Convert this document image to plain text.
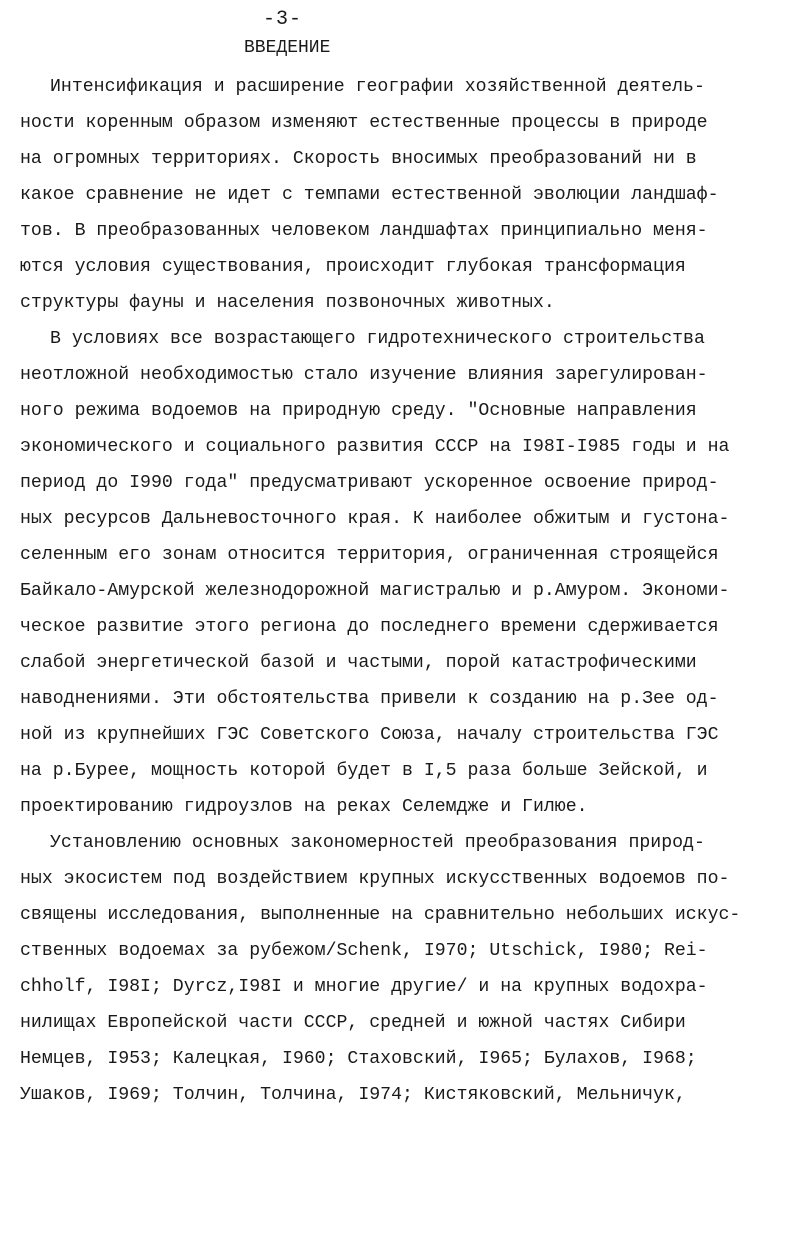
-3-
ВВЕДЕНИЕ
Интенсификация и расширение географии хозяйственной деятель-
ности коренным образом изменяют естественные процессы в природе
на огромных территориях. Скорость вносимых преобразований ни в
какое сравнение не идет с темпами естественной эволюции ландшаф-
тов. В преобразованных человеком ландшафтах принципиально меня-
ются условия существования, происходит глубокая трансформация
структуры фауны и населения позвоночных животных.
В условиях все возрастающего гидротехнического строительства
неотложной необходимостью стало изучение влияния зарегулирован-
ного режима водоемов на природную среду. "Основные направления
экономического и социального развития СССР на I98I-I985 годы и на
период до I990 года" предусматривают ускоренное освоение природ-
ных ресурсов Дальневосточного края. К наиболее обжитым и густона-
селенным его зонам относится территория, ограниченная строящейся
Байкало-Амурской железнодорожной магистралью и р.Амуром. Экономи-
ческое развитие этого региона до последнего времени сдерживается
слабой энергетической базой и частыми, порой катастрофическими
наводнениями. Эти обстоятельства привели к созданию на р.Зее од-
ной из крупнейших ГЭС Советского Союза, началу строительства ГЭС
на р.Бурее, мощность которой будет в I,5 раза больше Зейской, и
проектированию гидроузлов на реках Селемдже и Гилюе.
Установлению основных закономерностей преобразования природ-
ных экосистем под воздействием крупных искусственных водоемов по-
священы исследования, выполненные на сравнительно небольших искус-
ственных водоемах за рубежом/Schenk, I970; Utschick, I980; Rei-
chholf, I98I; Dyrcz,I98I и многие другие/ и на крупных водохра-
нилищах Европейской части СССР, средней и южной частях Сибири
Немцев, I953; Калецкая, I960; Стаховский, I965; Булахов, I968;
Ушаков, I969; Толчин, Толчина, I974; Кистяковский, Мельничук,
